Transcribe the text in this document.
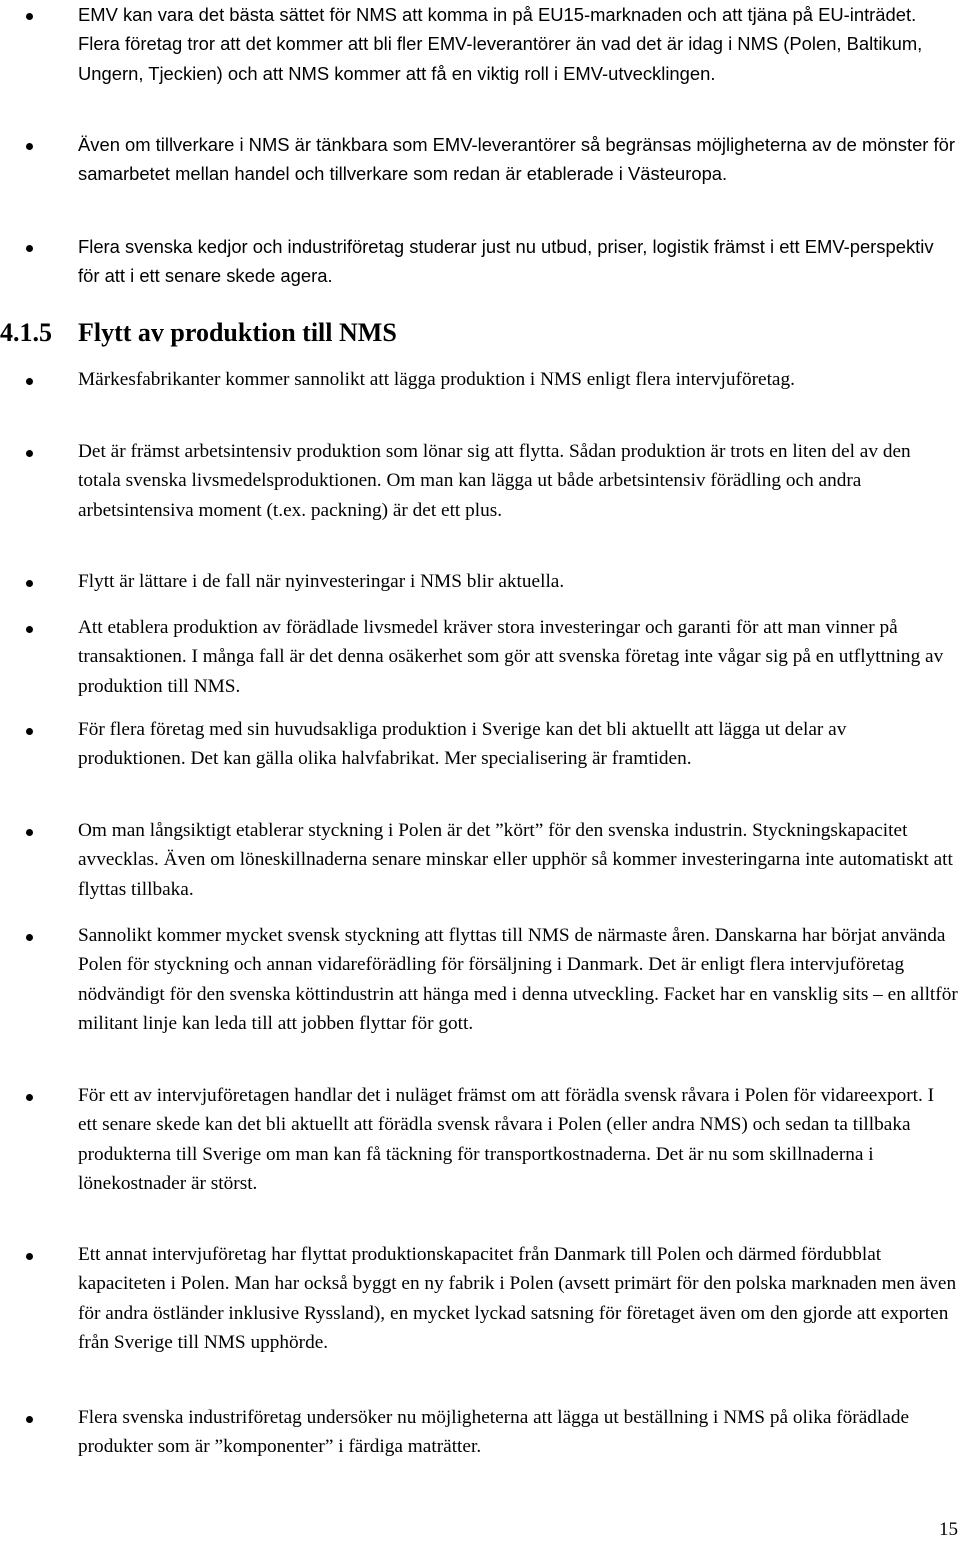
EMV kan vara det bästa sättet för NMS att komma in på EU15-marknaden och att tjäna på EU-inträdet. Flera företag tror att det kommer att bli fler EMV-leverantörer än vad det är idag i NMS (Polen, Baltikum, Ungern, Tjeckien) och att NMS kommer att få en viktig roll i EMV-utvecklingen.
Även om tillverkare i NMS är tänkbara som EMV-leverantörer så begränsas möjligheterna av de mönster för samarbetet mellan handel och tillverkare som redan är etablerade i Västeuropa.
Flera svenska kedjor och industriföretag studerar just nu utbud, priser, logistik främst i ett EMV-perspektiv för att i ett senare skede agera.
4.1.5 Flytt av produktion till NMS
Märkesfabrikanter kommer sannolikt att lägga produktion i NMS enligt flera intervjuföretag.
Det är främst arbetsintensiv produktion som lönar sig att flytta. Sådan produktion är trots en liten del av den totala svenska livsmedelsproduktionen. Om man kan lägga ut både arbetsintensiv förädling och andra arbetsintensiva moment (t.ex. packning) är det ett plus.
Flytt är lättare i de fall när nyinvesteringar i NMS blir aktuella.
Att etablera produktion av förädlade livsmedel kräver stora investeringar och garanti för att man vinner på transaktionen. I många fall är det denna osäkerhet som gör att svenska företag inte vågar sig på en utflyttning av produktion till NMS.
För flera företag med sin huvudsakliga produktion i Sverige kan det bli aktuellt att lägga ut delar av produktionen. Det kan gälla olika halvfabrikat. Mer specialisering är framtiden.
Om man långsiktigt etablerar styckning i Polen är det ”kört” för den svenska industrin. Styckningskapacitet avvecklas. Även om löneskillnaderna senare minskar eller upphör så kommer investeringarna inte automatiskt att flyttas tillbaka.
Sannolikt kommer mycket svensk styckning att flyttas till NMS de närmaste åren. Danskarna har börjat använda Polen för styckning och annan vidareförädling för försäljning i Danmark. Det är enligt flera intervjuföretag nödvändigt för den svenska köttindustrin att hänga med i denna utveckling. Facket har en vansklig sits – en alltför militant linje kan leda till att jobben flyttar för gott.
För ett av intervjuföretagen handlar det i nuläget främst om att förädla svensk råvara i Polen för vidareexport. I ett senare skede kan det bli aktuellt att förädla svensk råvara i Polen (eller andra NMS) och sedan ta tillbaka produkterna till Sverige om man kan få täckning för transportkostnaderna. Det är nu som skillnaderna i lönekostnader är störst.
Ett annat intervjuföretag har flyttat produktionskapacitet från Danmark till Polen och därmed fördubblat kapaciteten i Polen. Man har också byggt en ny fabrik i Polen (avsett primärt för den polska marknaden men även för andra östländer inklusive Ryssland), en mycket lyckad satsning för företaget även om den gjorde att exporten från Sverige till NMS upphörde.
Flera svenska industriföretag undersöker nu möjligheterna att lägga ut beställning i NMS på olika förädlade produkter som är ”komponenter” i färdiga maträtter.
15
